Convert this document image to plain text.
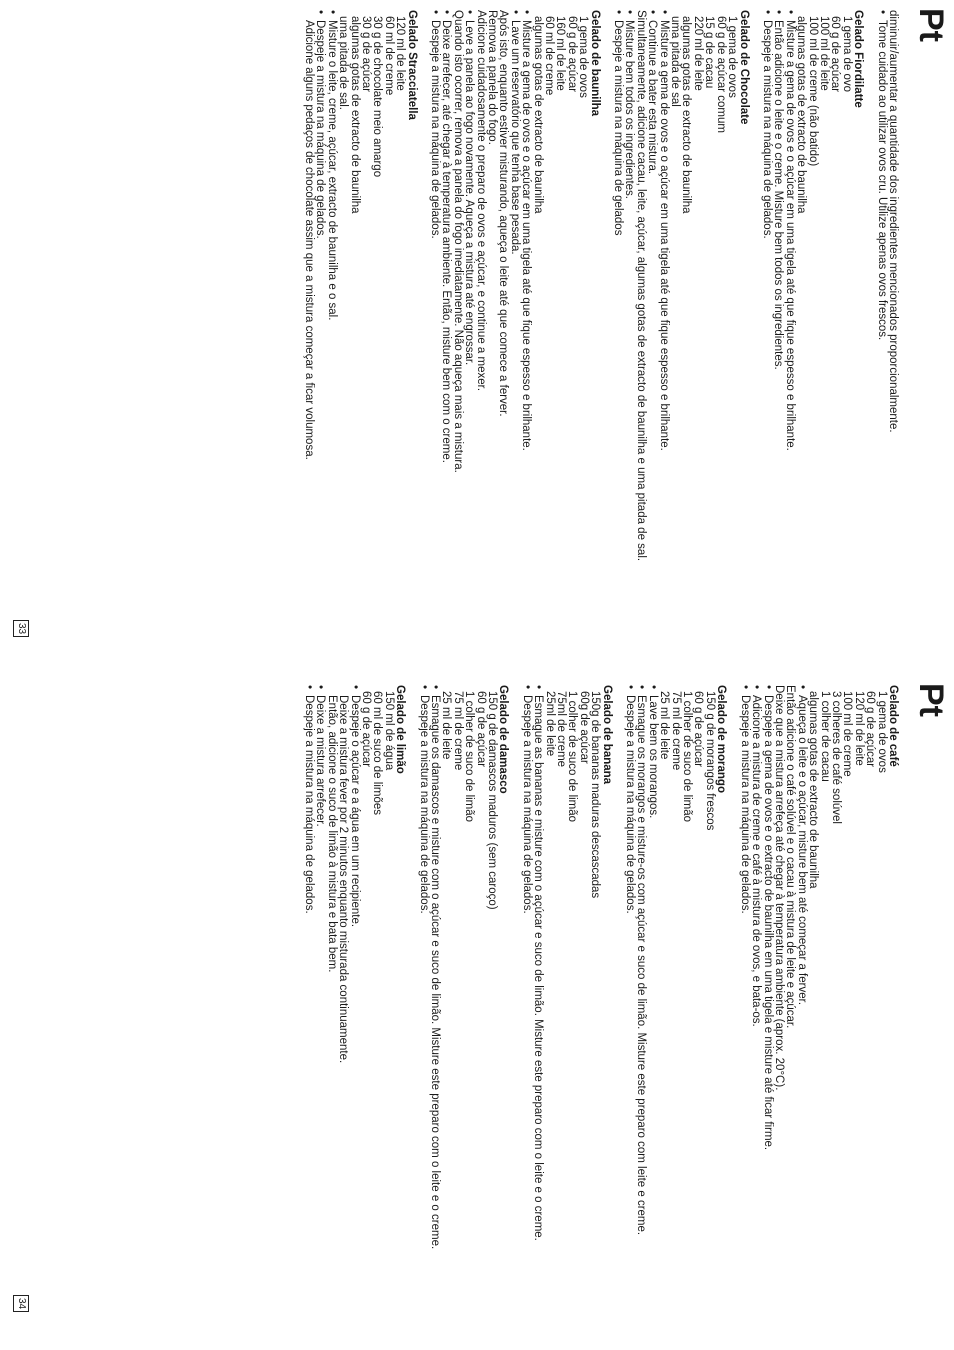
Pt
diminuir/aumentar a quantidade dos ingredientes mencionados proporcionalmente.
• Tome cuidado ao utilizar ovos cru. Utilize apenas ovos frescos.
Gelado Fiordilatte
1 gema de ovo
60 g de açúcar
100 ml de leite
100 ml de creme (não batido)
algumas gotas de extracto de baunilha
• Misture a gema de ovos e o açúcar em uma tigela até que fique espesso e brilhante.
• Então adicione o leite e o creme. Misture bem todos os ingredientes.
• Despeje a mistura na máquina de gelados.
Gelado de Chocolate
1 gema de ovos
60 g de açúcar comum
15 g de cacau
220 ml de leite
algumas gotas de extracto de baunilha
uma pitada de sal
• Misture a gema de ovos e o açúcar em uma tigela até que fique espesso e brilhante.
• Continue a bater esta mistura.
Simultaneamente, adicione cacau, leite, açúcar, algumas gotas de extracto de baunilha e uma pitada de sal.
• Misture bem todos os ingredientes.
• Despeje a mistura na máquina de gelados
Gelado de baunilha
1 gema de ovos
60 g de açúcar
160 ml de leite
60 ml de creme
algumas gotas de extracto de baunilha
• Misture a gema de ovos e o açúcar em uma tigela até que fique espesso e brilhante.
• Lave um reservatório que tenha base pesada.
Após isto, enquanto estiver misturando, aqueça o leite até que comece a ferver.
Remova a panela do fogo.
Adicione cuidadosamente o preparo de ovos e açúcar, e continue a mexer.
• Leve a panela ao fogo novamente. Aqueça a mistura até engrossar.
Quando isto ocorrer, remova a panela do fogo imediatamente. Não aqueça mais a mistura.
• Deixe arrefecer, até chegar à temperatura ambiente. Então, misture bem com o creme.
• Despeje a mistura na máquina de gelados.
Gelado Stracciatella
120 ml de leite
60 ml de creme
30 g de chocolate meio amargo
30 g de açúcar
algumas gotas de extracto de baunilha
uma pitada de sal.
• Misture o leite, creme, açúcar, extracto de baunilha e o sal.
• Despeje a mistura na máquina de gelados.
Adicione alguns pedaços de chocolate assim que a mistura começar a ficar volumosa.
33
Pt
Gelado de café
1 gema de ovos
60 g de açúcar
120 ml de leite
100 ml de creme
3 colheres de café solúvel
1 colher de cacau
algumas gotas de extracto de baunilha
• Aqueça o leite e o açúcar, misture bem até começar a ferver.
Então adicione o café solúvel e o cacau à mistura de leite e açúcar.
Deixe que a mistura arrefeça até chegar à temperatura ambiente (aprox. 20°C).
• Despeje a gema de ovos e o extracto de baunilha em uma tigela e misture até ficar firme.
• Adicione a mistura de creme e café à mistura de ovos, e bata-os.
• Despeje a mistura na máquina de gelados.
Gelado de morango
150 g de morangos frescos
60 g de açúcar
1 colher de suco de limão
75 ml de creme
25 ml de leite
• Lave bem os morangos.
• Esmague os morangos e misture-os com açúcar e suco de limão. Misture este preparo com leite e creme.
• Despeje a mistura na máquina de gelados.
Gelado de banana
150g de bananas maduras descascadas
60g de açúcar
1 colher de suco de limão
75ml de creme
25ml de leite
• Esmague as bananas e misture com o açúcar e suco de limão. Misture este preparo com o leite e o creme.
• Despeje a mistura na máquina de gelados.
Gelado de damasco
150 g de damascos maduros (sem caroço)
60 g de açúcar
1 colher de suco de limão
75 ml de creme
25 ml de leite
• Esmague os damascos e misture com o açúcar e suco de limão. Misture este preparo com o leite e o creme.
• Despeje a mistura na máquina de gelados.
Gelado de limão
150 ml de água
60 ml de suco de limões
60 g de açúcar
• Despeje o açúcar e a água em um recipiente.
Deixe a mistura fever por 2 minutos enquanto misturada continuamente.
Então, adicione o suco de limão à mistura e bata bem.
• Deixe a mistura arrefecer.
• Despeje a mistura na máquina de gelados.
34
